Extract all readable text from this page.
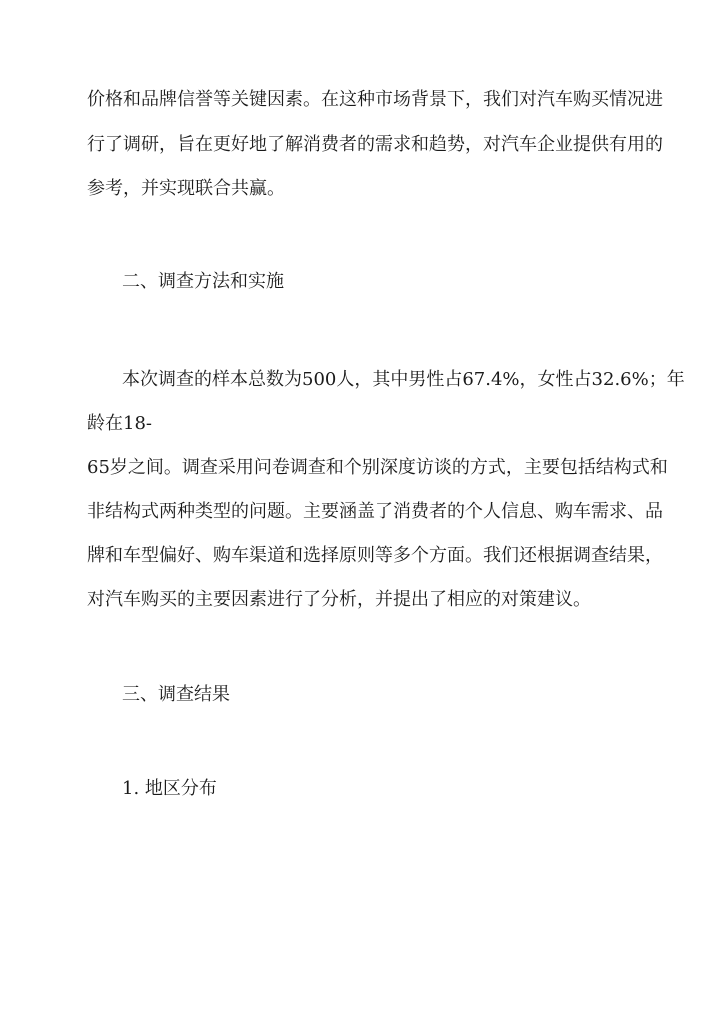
价格和品牌信誉等关键因素。在这种市场背景下，我们对汽车购买情况进

行了调研，旨在更好地了解消费者的需求和趋势，对汽车企业提供有用的

参考，并实现联合共赢。

二、调查方法和实施

本次调查的样本总数为500人，其中男性占67.4%，女性占32.6%；年

龄在18-

65岁之间。调查采用问卷调查和个别深度访谈的方式，主要包括结构式和

非结构式两种类型的问题。主要涵盖了消费者的个人信息、购车需求、品

牌和车型偏好、购车渠道和选择原则等多个方面。我们还根据调查结果，

对汽车购买的主要因素进行了分析，并提出了相应的对策建议。

三、调查结果

1. 地区分布
